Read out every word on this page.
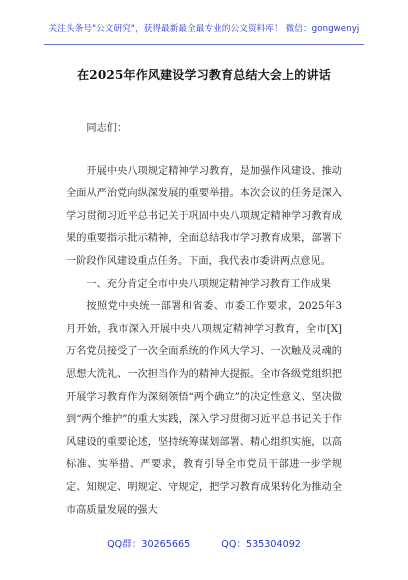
关注头条号"公文研究"，获得最新最全最专业的公文资料库！ 微信：gongwenyj
在2025年作风建设学习教育总结大会上的讲话

同志们：

开展中央八项规定精神学习教育，是加强作风建设、推动全面从严治党向纵深发展的重要举措。本次会议的任务是深入学习贯彻习近平总书记关于巩固中央八项规定精神学习教育成果的重要指示批示精神，全面总结我市学习教育成果，部署下一阶段作风建设重点任务。下面，我代表市委讲两点意见。

一、充分肯定全市中央八项规定精神学习教育工作成果

按照党中央统一部署和省委、市委工作要求，2025年3月开始，我市深入开展中央八项规定精神学习教育，全市[X]万名党员接受了一次全面系统的作风大学习、一次触及灵魂的思想大洗礼、一次担当作为的精神大提振。全市各级党组织把开展学习教育作为深刻领悟“两个确立”的决定性意义、坚决做到“两个维护”的重大实践，深入学习贯彻习近平总书记关于作风建设的重要论述，坚持统筹谋划部署、精心组织实施，以高标准、实举措、严要求，教育引导全市党员干部进一步学规定、知规定、明规定、守规定，把学习教育成果转化为推动全市高质量发展的强大

QQ群：30265665	QQ：535304092
